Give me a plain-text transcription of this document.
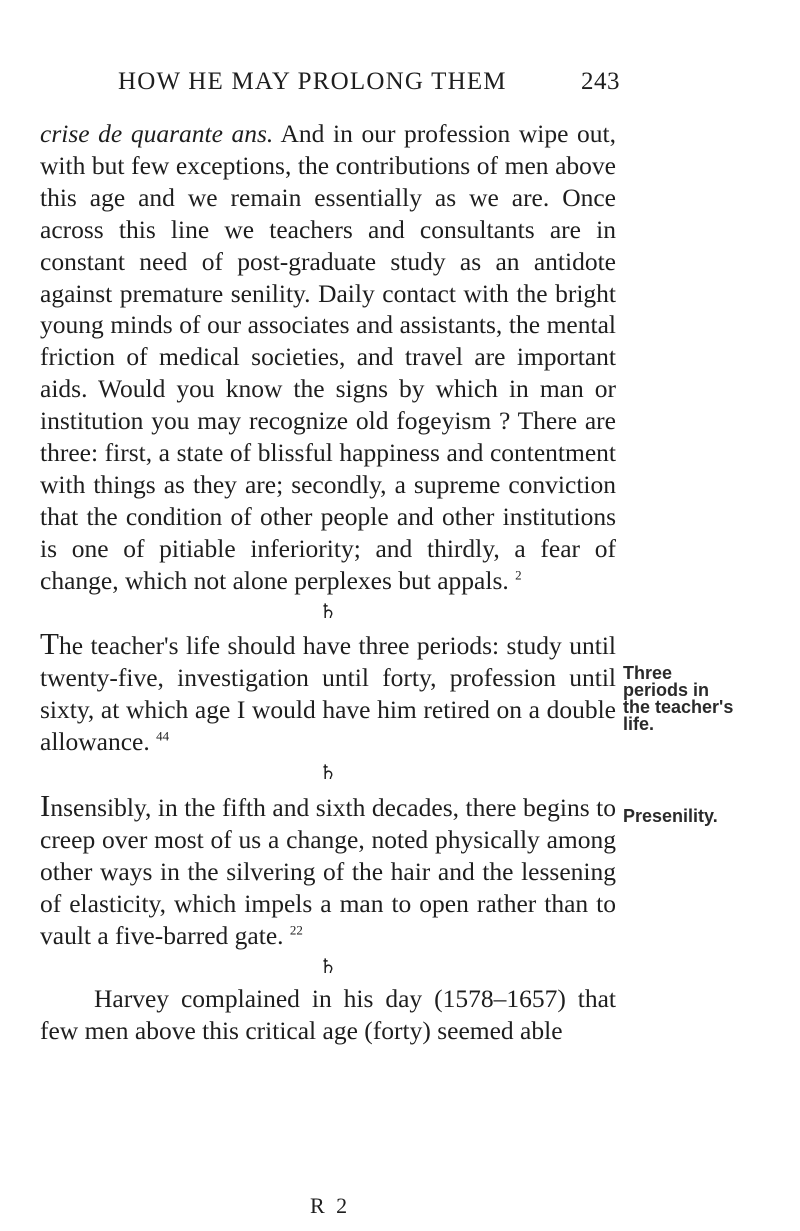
HOW HE MAY PROLONG THEM	243

crise de quarante ans. And in our profession wipe out, with but few exceptions, the contributions of men above this age and we remain essentially as we are. Once across this line we teachers and consultants are in constant need of post-graduate study as an antidote against premature senility. Daily contact with the bright young minds of our associates and assistants, the mental friction of medical societies, and travel are important aids. Would you know the signs by which in man or institution you may recognize old fogeyism ? There are three: first, a state of blissful happiness and contentment with things as they are; secondly, a supreme conviction that the condition of other people and other institutions is one of pitiable inferiority; and thirdly, a fear of change, which not alone perplexes but appals. $^2$

♄

The teacher's life should have three periods: study until twenty-five, investigation until forty, profession until sixty, at which age I would have him retired on a double allowance. $^{44}$

♄

Insensibly, in the fifth and sixth decades, there begins to creep over most of us a change, noted physically among other ways in the silvering of the hair and the lessening of elasticity, which impels a man to open rather than to vault a five-barred gate. $^{22}$

♄

Harvey complained in his day (1578–1657) that few men above this critical age (forty) seemed able

Three
periods in
the teacher's
life.
Presenility.
R 2
